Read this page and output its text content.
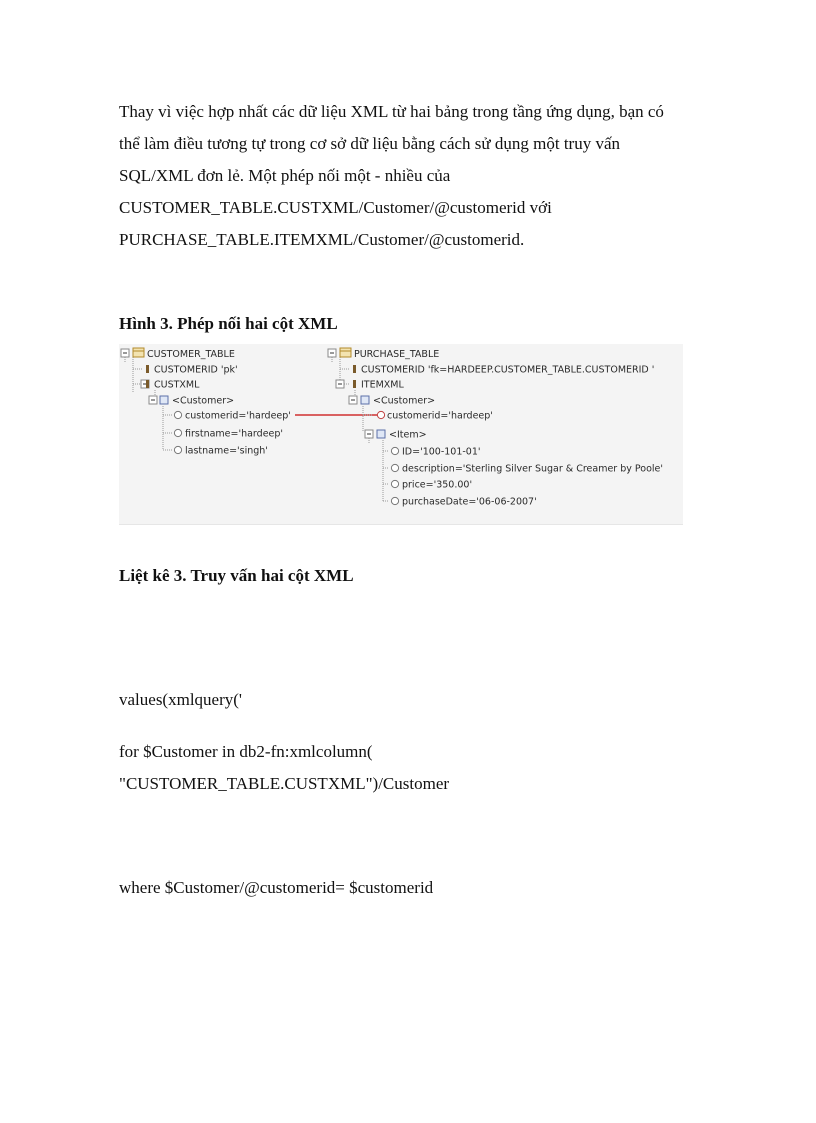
Thay vì việc hợp nhất các dữ liệu XML từ hai bảng trong tầng ứng dụng, bạn có
thể làm điều tương tự trong cơ sở dữ liệu bằng cách sử dụng một truy vấn
SQL/XML đơn lẻ. Một phép nối một - nhiều của
CUSTOMER_TABLE.CUSTXML/Customer/@customerid với
PURCHASE_TABLE.ITEMXML/Customer/@customerid.
Hình 3. Phép nối hai cột XML
CUSTOMER_TABLE
CUSTOMERID 'pk'
CUSTXML
<Customer>
customerid='hardeep'
firstname='hardeep'
lastname='singh'
PURCHASE_TABLE
CUSTOMERID 'fk=HARDEEP.CUSTOMER_TABLE.CUSTOMERID '
ITEMXML
<Customer>
customerid='hardeep'
<Item>
ID='100-101-01'
description='Sterling Silver Sugar & Creamer by Poole'
price='350.00'
purchaseDate='06-06-2007'
Liệt kê 3. Truy vấn hai cột XML
values(xmlquery('
for $Customer in db2-fn:xmlcolumn(
"CUSTOMER_TABLE.CUSTXML")/Customer
where $Customer/@customerid= $customerid
